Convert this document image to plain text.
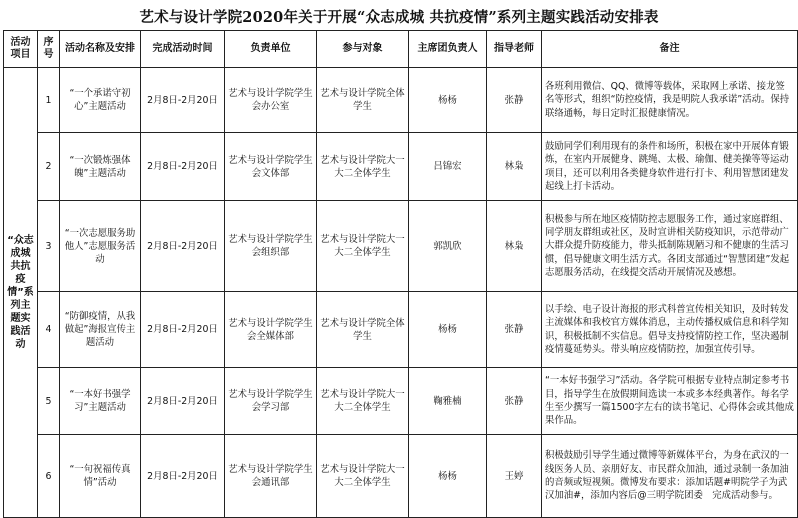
艺术与设计学院2020年关于开展“众志成城 共抗疫情”系列主题实践活动安排表
活动项目	序号	活动名称及安排	完成活动时间	负责单位	参与对象	主席团负责人	指导老师	备注
“众志成城共抗疫情”系列主题实践活动	1	“一个承诺守初心”主题活动	2月8日-2月20日	艺术与设计学院学生会办公室	艺术与设计学院全体学生	杨杨	张静	各班利用微信、QQ、微博等载体，采取网上承诺、接龙签名等形式，组织“防控疫情，我是明院人我承诺”活动。保持联络通畅，每日定时汇报健康情况。
	2	“一次锻炼强体魄”主题活动	2月8日-2月20日	艺术与设计学院学生会文体部	艺术与设计学院大一大二全体学生	吕锦宏	林枭	鼓励同学们利用现有的条件和场所，积极在家中开展体育锻炼，在室内开展健身、跳绳、太极、瑜伽、健美操等等运动项目，还可以利用各类健身软件进行打卡、利用智慧团建发起线上打卡活动。
	3	“一次志愿服务助他人”志愿服务活动	2月8日-2月20日	艺术与设计学院学生会组织部	艺术与设计学院大一大二全体学生	郭凯欣	林枭	积极参与所在地区疫情防控志愿服务工作，通过家庭群组、同学朋友群组或社区，及时宣讲相关防疫知识，示范带动广大群众提升防疫能力，带头抵制陈规陋习和不健康的生活习惯，倡导健康文明生活方式。各团支部通过“智慧团建”发起志愿服务活动，在线提交活动开展情况及感想。
	4	“防御疫情，从我做起”海报宣传主题活动	2月8日-2月20日	艺术与设计学院学生会全媒体部	艺术与设计学院全体学生	杨杨	张静	以手绘、电子设计海报的形式科普宣传相关知识，及时转发主流媒体和我校官方媒体消息，主动传播权威信息和科学知识，积极抵制不实信息。倡导支持疫情防控工作，坚决遏制疫情蔓延势头。带头响应疫情防控，加强宣传引导。
	5	“一本好书强学习”主题活动	2月8日-2月20日	艺术与设计学院学生会学习部	艺术与设计学院大一大二全体学生	鞠雅楠	张静	“一本好书强学习”活动。各学院可根据专业特点制定参考书目，指导学生在放假期间选读一本或多本经典著作。每名学生至少撰写一篇1500字左右的读书笔记、心得体会或其他成果作品。
	6	“一句祝福传真情”活动	2月8日-2月20日	艺术与设计学院学生会通讯部	艺术与设计学院大一大二全体学生	杨杨	王婷	积极鼓励引导学生通过微博等新媒体平台，为身在武汉的一线医务人员、亲朋好友、市民群众加油，通过录制一条加油的音频或短视频。微博发布要求：添加话题#明院学子为武汉加油#，添加内容后@三明学院团委　完成活动参与。
